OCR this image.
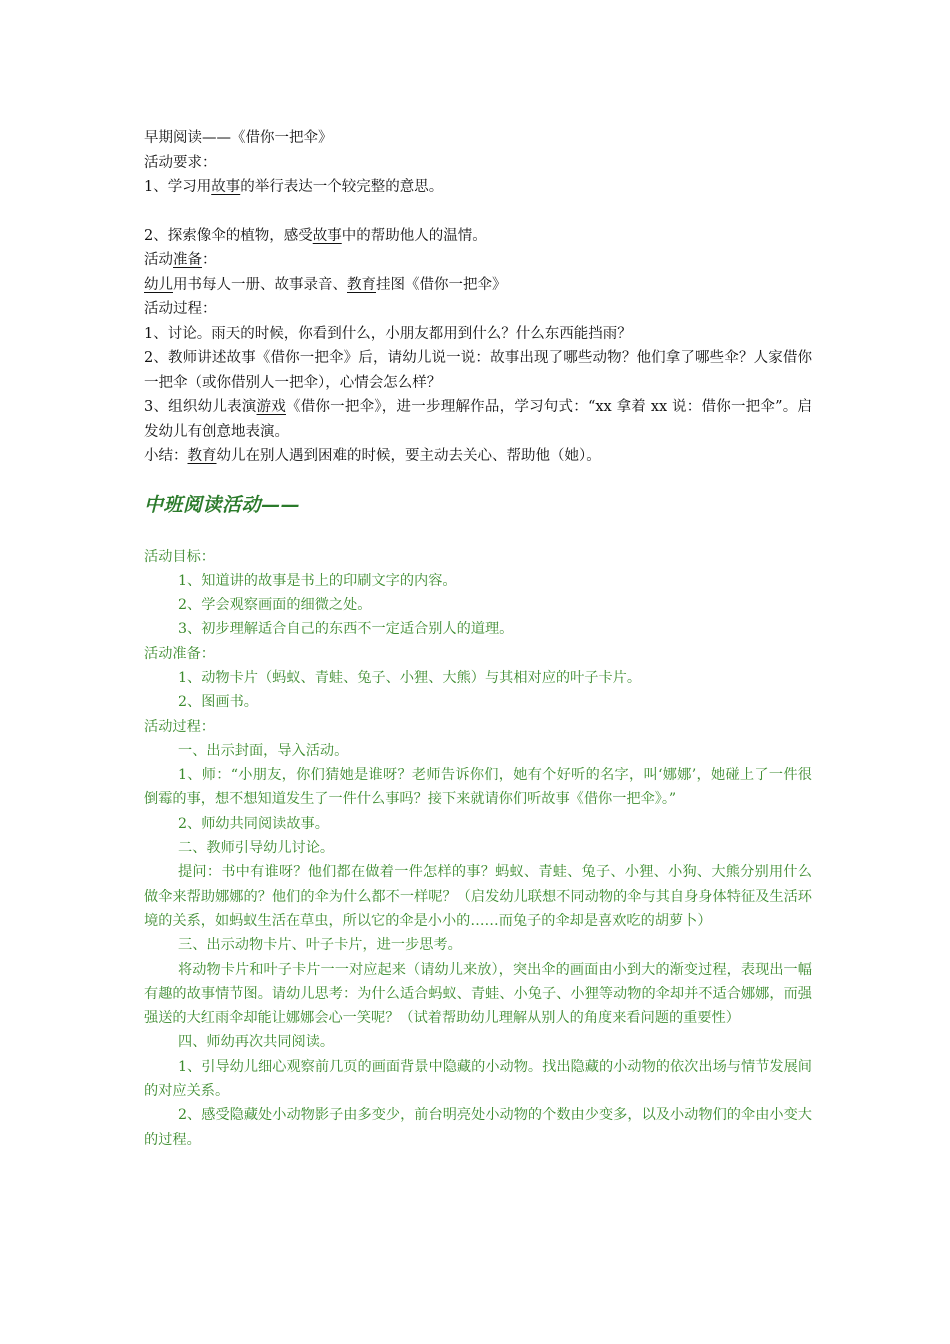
早期阅读——《借你一把伞》

活动要求：

1、学习用故事的举行表达一个较完整的意思。

2、探索像伞的植物，感受故事中的帮助他人的温情。

活动准备：

幼儿用书每人一册、故事录音、教育挂图《借你一把伞》

活动过程：

1、讨论。雨天的时候，你看到什么，小朋友都用到什么？什么东西能挡雨？

2、教师讲述故事《借你一把伞》后，请幼儿说一说：故事出现了哪些动物？他们拿了哪些伞？人家借你一把伞（或你借别人一把伞），心情会怎么样？

3、组织幼儿表演游戏《借你一把伞》，进一步理解作品，学习句式：“xx 拿着 xx 说：借你一把伞”。启发幼儿有创意地表演。

小结：教育幼儿在别人遇到困难的时候，要主动去关心、帮助他（她）。

中班阅读活动——

活动目标：

1、知道讲的故事是书上的印刷文字的内容。

2、学会观察画面的细微之处。

3、初步理解适合自己的东西不一定适合别人的道理。

活动准备：

1、动物卡片（蚂蚁、青蛙、兔子、小狸、大熊）与其相对应的叶子卡片。

2、图画书。

活动过程：

一、出示封面，导入活动。

1、师：“小朋友，你们猜她是谁呀？老师告诉你们，她有个好听的名字，叫‘娜娜’，她碰上了一件很倒霉的事，想不想知道发生了一件什么事吗？接下来就请你们听故事《借你一把伞》。”

2、师幼共同阅读故事。

二、教师引导幼儿讨论。

提问：书中有谁呀？他们都在做着一件怎样的事？蚂蚁、青蛙、兔子、小狸、小狗、大熊分别用什么做伞来帮助娜娜的？他们的伞为什么都不一样呢？（启发幼儿联想不同动物的伞与其自身身体特征及生活环境的关系，如蚂蚁生活在草虫，所以它的伞是小小的……而兔子的伞却是喜欢吃的胡萝卜）

三、出示动物卡片、叶子卡片，进一步思考。

将动物卡片和叶子卡片一一对应起来（请幼儿来放），突出伞的画面由小到大的渐变过程，表现出一幅有趣的故事情节图。请幼儿思考：为什么适合蚂蚁、青蛙、小兔子、小狸等动物的伞却并不适合娜娜，而强强送的大红雨伞却能让娜娜会心一笑呢？（试着帮助幼儿理解从别人的角度来看问题的重要性）

四、师幼再次共同阅读。

1、引导幼儿细心观察前几页的画面背景中隐藏的小动物。找出隐藏的小动物的依次出场与情节发展间的对应关系。

2、感受隐藏处小动物影子由多变少，前台明亮处小动物的个数由少变多，以及小动物们的伞由小变大的过程。
